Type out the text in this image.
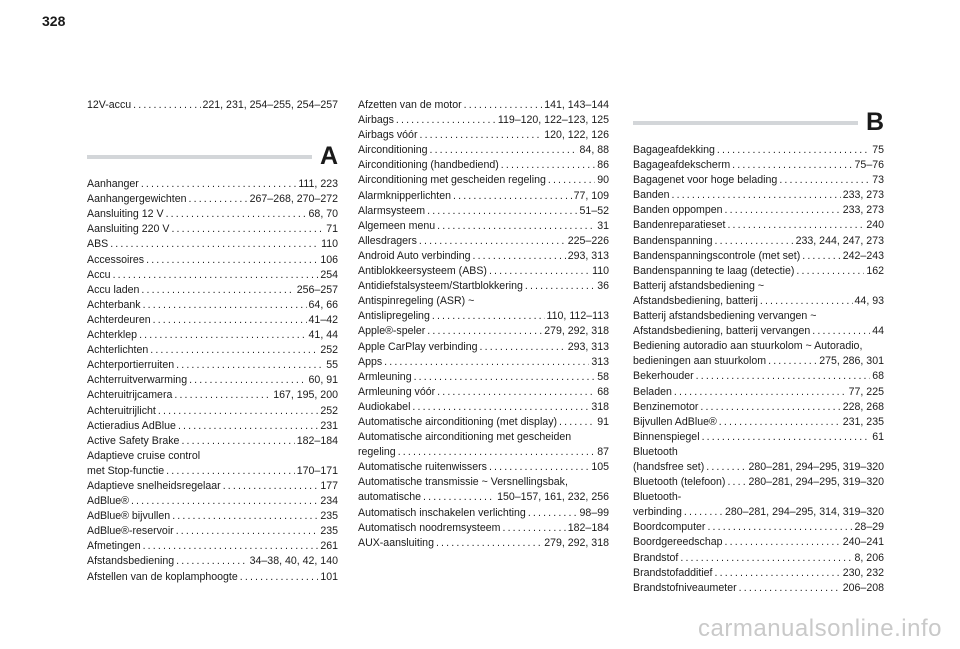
328
12V-accu . . .	221, 231, 254–255, 254–257
A
Aanhanger . . .	111, 223
Aanhangergewichten . . .	267–268, 270–272
Aansluiting 12 V . . .	68, 70
Aansluiting 220 V . . .	71
ABS . . .	110
Accessoires . . .	106
Accu . . .	254
Accu laden . . .	256–257
Achterbank . . .	64, 66
Achterdeuren . . .	41–42
Achterklep . . .	41, 44
Achterlichten . . .	252
Achterportierruiten . . .	55
Achterruitverwarming . . .	60, 91
Achteruitrijcamera . . .	167, 195, 200
Achteruitrijlicht . . .	252
Actieradius AdBlue . . .	231
Active Safety Brake . . .	182–184
Adaptieve cruise control
met Stop-functie . . .	170–171
Adaptieve snelheidsregelaar . . .	177
AdBlue® . . .	234
AdBlue® bijvullen . . .	235
AdBlue®-reservoir . . .	235
Afmetingen . . .	261
Afstandsbediening . . .	34–38, 40, 42, 140
Afstellen van de koplamphoogte . . .	101
Afzetten van de motor . . .	141, 143–144
Airbags . . .	119–120, 122–123, 125
Airbags vóór . . .	120, 122, 126
Airconditioning . . .	84, 88
Airconditioning (handbediend) . . .	86
Airconditioning met gescheiden regeling . . .	90
Alarmknipperlichten . . .	77, 109
Alarmsysteem . . .	51–52
Algemeen menu . . .	31
Allesdragers . . .	225–226
Android Auto verbinding . . .	293, 313
Antiblokkeersysteem (ABS) . . .	110
Antidiefstalsysteem/Startblokkering . . .	36
Antispinregeling (ASR) ~
Antislipregeling . . .	110, 112–113
Apple®-speler . . .	279, 292, 318
Apple CarPlay verbinding . . .	293, 313
Apps . . .	313
Armleuning . . .	58
Armleuning vóór . . .	68
Audiokabel . . .	318
Automatische airconditioning (met display) . . .	91
Automatische airconditioning met gescheiden
regeling . . .	87
Automatische ruitenwissers . . .	105
Automatische transmissie ~ Versnellingsbak,
automatische . . .	150–157, 161, 232, 256
Automatisch inschakelen verlichting . . .	98–99
Automatisch noodremsysteem . . .	182–184
AUX-aansluiting . . .	279, 292, 318
B
Bagageafdekking . . .	75
Bagageafdekscherm . . .	75–76
Bagagenet voor hoge belading . . .	73
Banden . . .	233, 273
Banden oppompen . . .	233, 273
Bandenreparatieset . . .	240
Bandenspanning . . .	233, 244, 247, 273
Bandenspanningscontrole (met set) . . .	242–243
Bandenspanning te laag (detectie) . . .	162
Batterij afstandsbediening ~
Afstandsbediening, batterij . . .	44, 93
Batterij afstandsbediening vervangen ~
Afstandsbediening, batterij vervangen . . .	44
Bediening autoradio aan stuurkolom ~ Autoradio,
bedieningen aan stuurkolom . . .	275, 286, 301
Bekerhouder . . .	68
Beladen . . .	77, 225
Benzinemotor . . .	228, 268
Bijvullen AdBlue® . . .	231, 235
Binnenspiegel . . .	61
Bluetooth
(handsfree set) . . .	280–281, 294–295, 319–320
Bluetooth (telefoon) . . . 280–281, 294–295, 319–320
Bluetooth-
verbinding . . .	280–281, 294–295, 314, 319–320
Boordcomputer . . .	28–29
Boordgereedschap . . .	240–241
Brandstof . . .	8, 206
Brandstofadditief . . .	230, 232
Brandstofniveaumeter . . .	206–208
carmanualsonline.info
